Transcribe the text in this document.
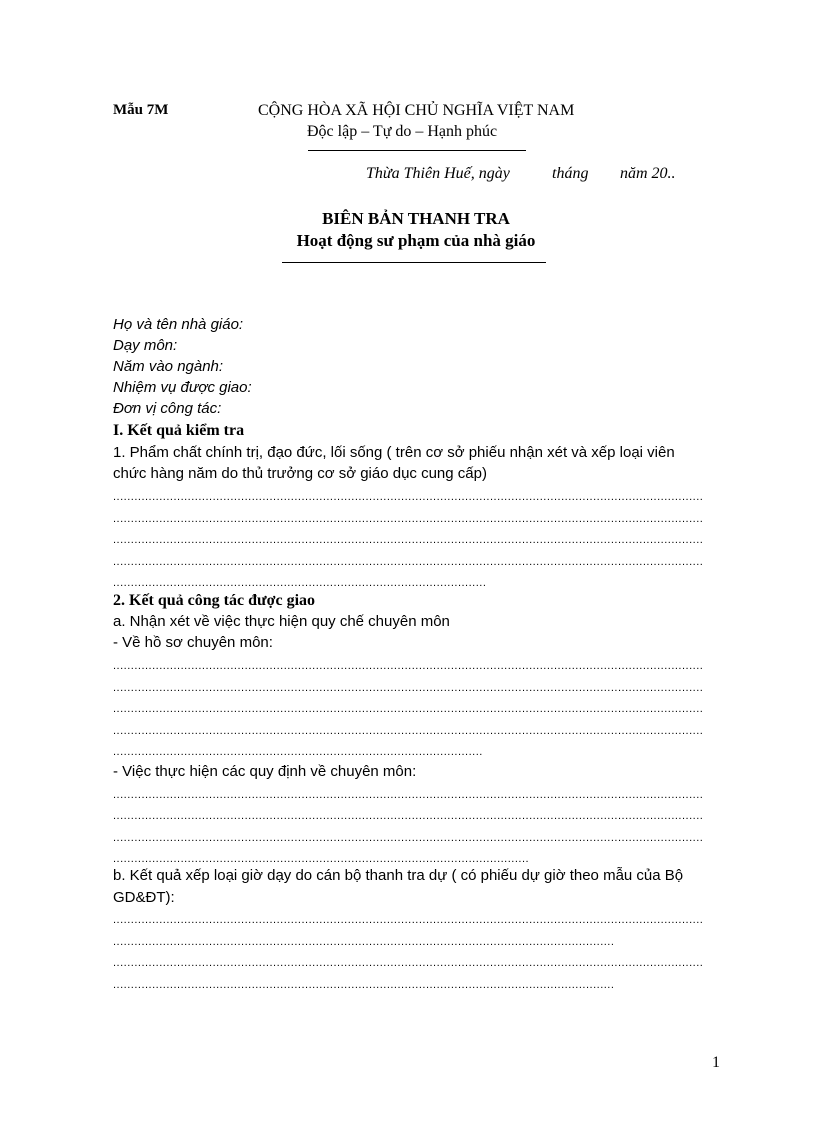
Mẫu 7M	CỘNG HÒA XÃ HỘI CHỦ NGHĨA VIỆT NAM
Độc lập – Tự do – Hạnh phúc
Thừa Thiên Huế, ngày	tháng năm 20..
BIÊN BẢN THANH TRA
Hoạt động sư phạm của nhà giáo
Họ và tên nhà giáo:
Dạy môn:
Năm vào ngành:
Nhiệm vụ được giao:
Đơn vị công tác:
I. Kết quả kiểm tra
1. Phẩm chất chính trị, đạo đức, lối sống ( trên cơ sở phiếu nhận xét và xếp loại viên
chức hàng năm do thủ trưởng cơ sở giáo dục cung cấp)
.....
.....
.....
.....
.....
2. Kết quả công tác được giao
a. Nhận xét về việc thực hiện quy chế chuyên môn
- Về hồ sơ chuyên môn:
.....
.....
.....
.....
.....
- Việc thực hiện các quy định về chuyên môn:
.....
.....
.....
.....
b. Kết quả xếp loại giờ dạy do cán bộ thanh tra dự ( có phiếu dự giờ theo mẫu của Bộ
GD&ĐT):
.....
.....
.....
.....
1
